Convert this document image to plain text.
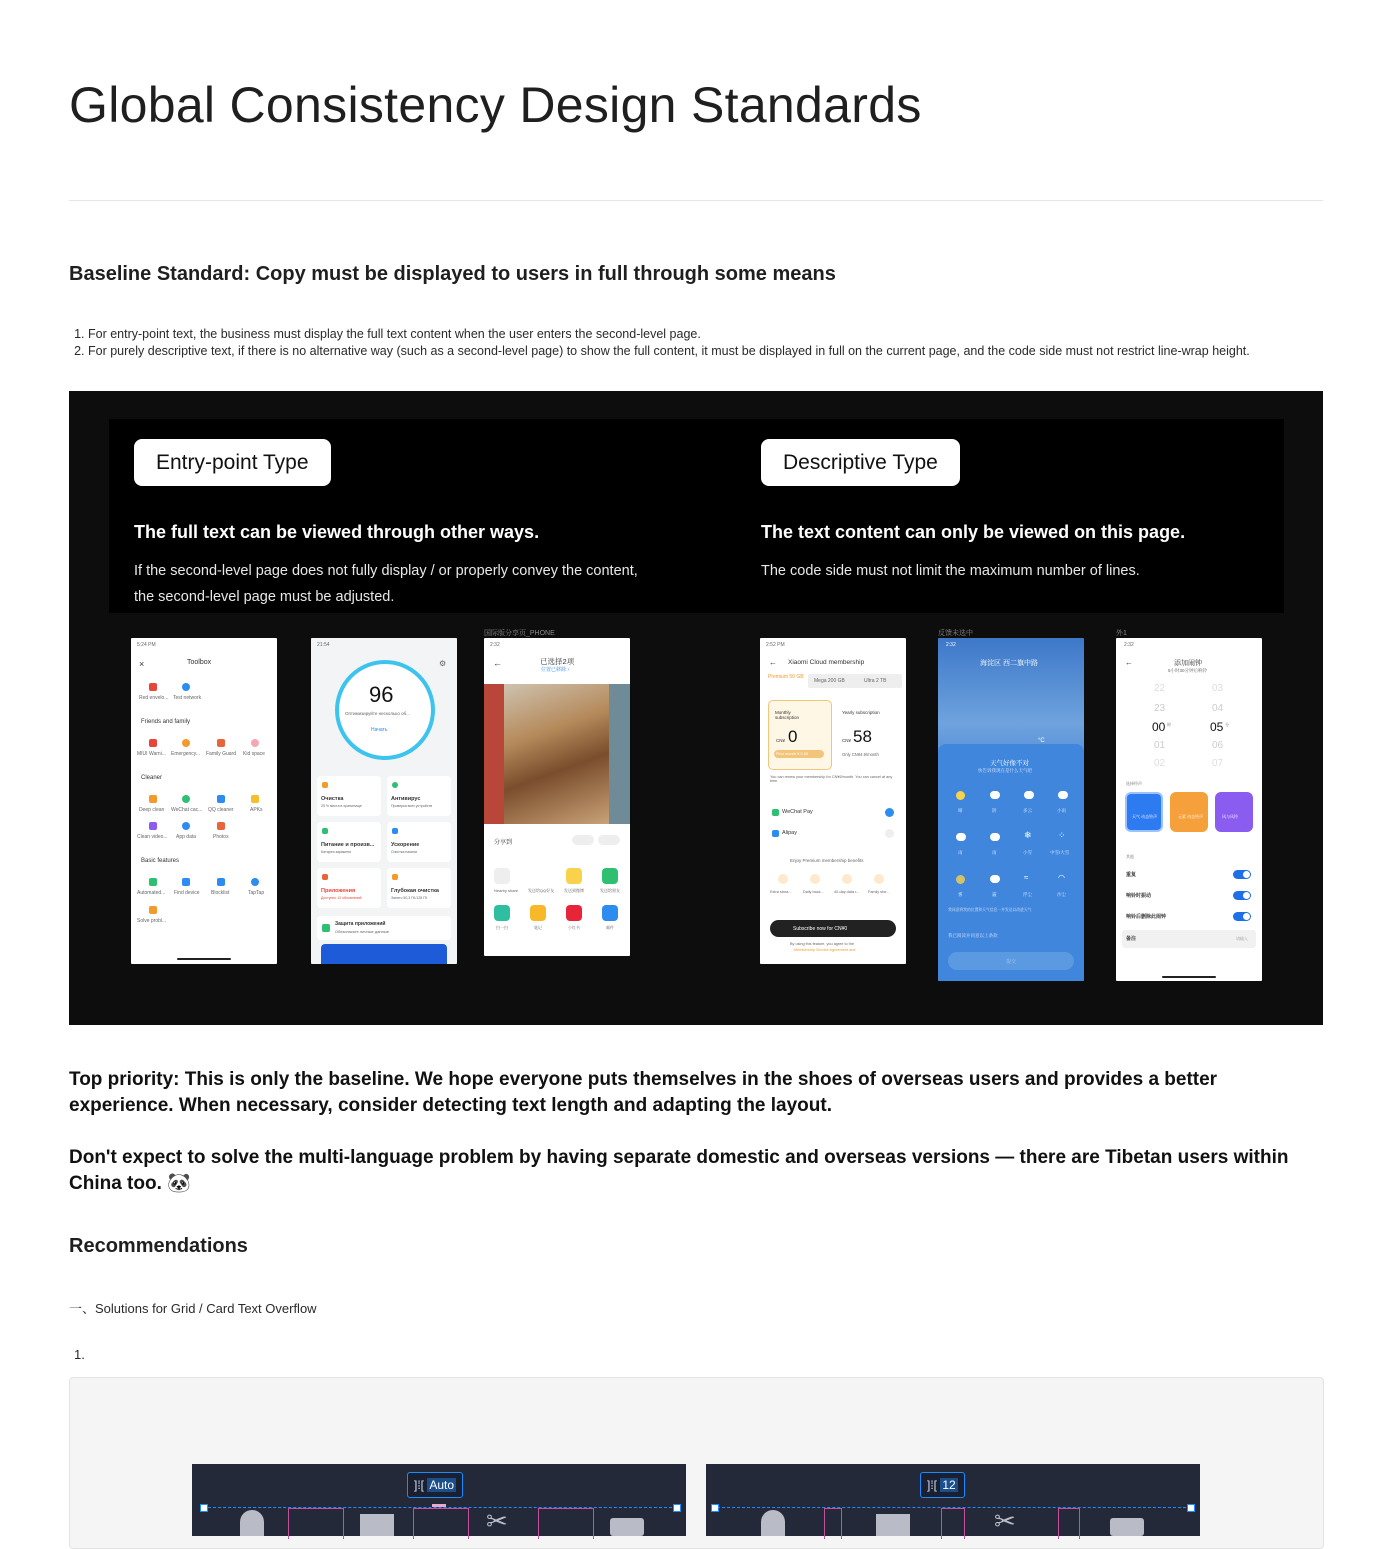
Global Consistency Design Standards
Baseline Standard: Copy must be displayed to users in full through some means
1. For entry-point text, the business must display the full text content when the user enters the second-level page.
2. For purely descriptive text, if there is no alternative way (such as a second-level page) to show the full content, it must be displayed in full on the current page, and the code side must not restrict line-wrap height.
Entry-point Type
The full text can be viewed through other ways.
If the second-level page does not fully display / or properly convey the content,
the second-level page must be adjusted.
Descriptive Type
The text content can only be viewed on this page.
The code side must not limit the maximum number of lines.
5:24 PM
×	Toolbox
Red envelo... Test network
Friends and family
MIUI Warni... Emergency... Family Guard Kid space
Cleaner
Deep clean WeChat cac... QQ cleaner	APKs
Clean video... App data	Photos
Basic features
Automated... Find device Blocklist	TapTap
Solve probl...
21:54
⚙
96
Оптимизируйте несколько об...
Начать
Очистка	Антивирус
Питание и произв...	Ускорение
Приложения	Глубокая очистка
25 % места в хранилище	Проверка всех устройств
Батарея заряжена	Очистка памяти
Доступно 12 обновлений	Занято 50,3 ГБ/128 ГБ
Защита приложений
Обезопасьте личные данные
国际版分享页_PHONE
2:32
←	已选择2项
位置已移除 ›
分享到
Nearby share 发送给QQ好友 发送到微博	发送给朋友
扫一扫	笔记	小红书	邮件
2:52 PM
← Xiaomi Cloud membership
Premium 50 GB
Mega 200 GB	Ultra 2 TB
Monthly subscription
CN¥ 0
First month ¥ 0.00
Yearly subscription
CN¥ 58
Only CN¥4.9/month
You can renew your membership for CN¥6/month. You can cancel at any time.
WeChat Pay
Alipay
Enjoy Premium membership benefits
Extra stora...	Daily back...	40-day data r... Family stor...
Subscribe now for CN¥0
By using this feature, you agree to the
Membership Service Agreement and
反馈未选中
2:32
海淀区 西二旗中路
°C
天气好像不对
快告诉我现在是什么天气吧
晴	阴	多云	小雨
❄	⁘
雨	雨	小雪	中雪/大雪
≈	◠
雾	霾	浮尘	沙尘
我同意将我的位置和天气信息一并发送以改进天气
我已阅读并同意以上条款
提交
外1
2:32
←	添加闹钟
5小时30分钟后响铃
22
23
00 时
01
02
03
04
05 分
06
07
选择铃声
天气 动态铃声	元素 动态铃声	风与风铃
其他
重复
响铃时振动
响铃后删除此闹钟
备注	请输入
Top priority: This is only the baseline. We hope everyone puts themselves in the shoes of overseas users and provides a better experience. When necessary, consider detecting text length and adapting the layout.
Don't expect to solve the multi-language problem by having separate domestic and overseas versions — there are Tibetan users within China too. 🐼
Recommendations
一、Solutions for Grid / Card Text Overflow
1.
]⁞[ Auto
✂
]⁞[ 12
✂
